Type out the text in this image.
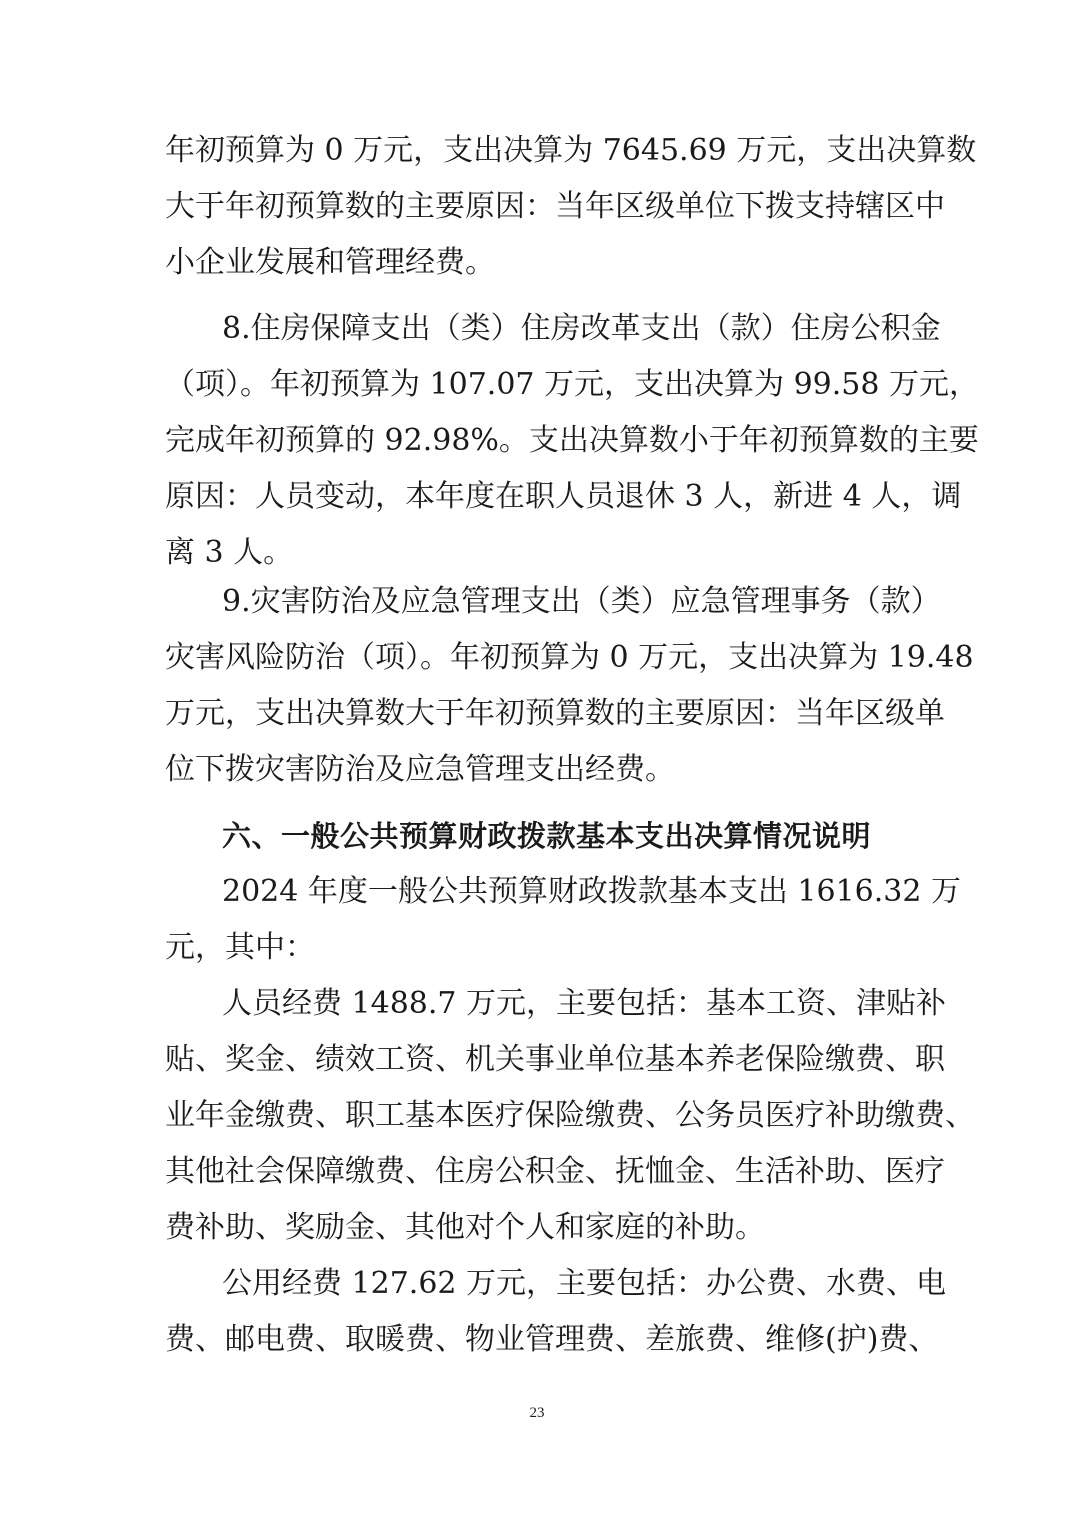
年初预算为 0 万元，支出决算为 7645.69 万元，支出决算数
大于年初预算数的主要原因：当年区级单位下拨支持辖区中
小企业发展和管理经费。
8.住房保障支出（类）住房改革支出（款）住房公积金
（项）。年初预算为 107.07 万元，支出决算为 99.58 万元，
完成年初预算的 92.98%。支出决算数小于年初预算数的主要
原因：人员变动，本年度在职人员退休 3 人，新进 4 人，调
离 3 人。
9.灾害防治及应急管理支出（类）应急管理事务（款）
灾害风险防治（项）。年初预算为 0 万元，支出决算为 19.48
万元，支出决算数大于年初预算数的主要原因：当年区级单
位下拨灾害防治及应急管理支出经费。
六、一般公共预算财政拨款基本支出决算情况说明
2024 年度一般公共预算财政拨款基本支出 1616.32 万
元，其中：
人员经费 1488.7 万元，主要包括：基本工资、津贴补
贴、奖金、绩效工资、机关事业单位基本养老保险缴费、职
业年金缴费、职工基本医疗保险缴费、公务员医疗补助缴费、
其他社会保障缴费、住房公积金、抚恤金、生活补助、医疗
费补助、奖励金、其他对个人和家庭的补助。
公用经费 127.62 万元，主要包括：办公费、水费、电
费、邮电费、取暖费、物业管理费、差旅费、维修(护)费、
23
